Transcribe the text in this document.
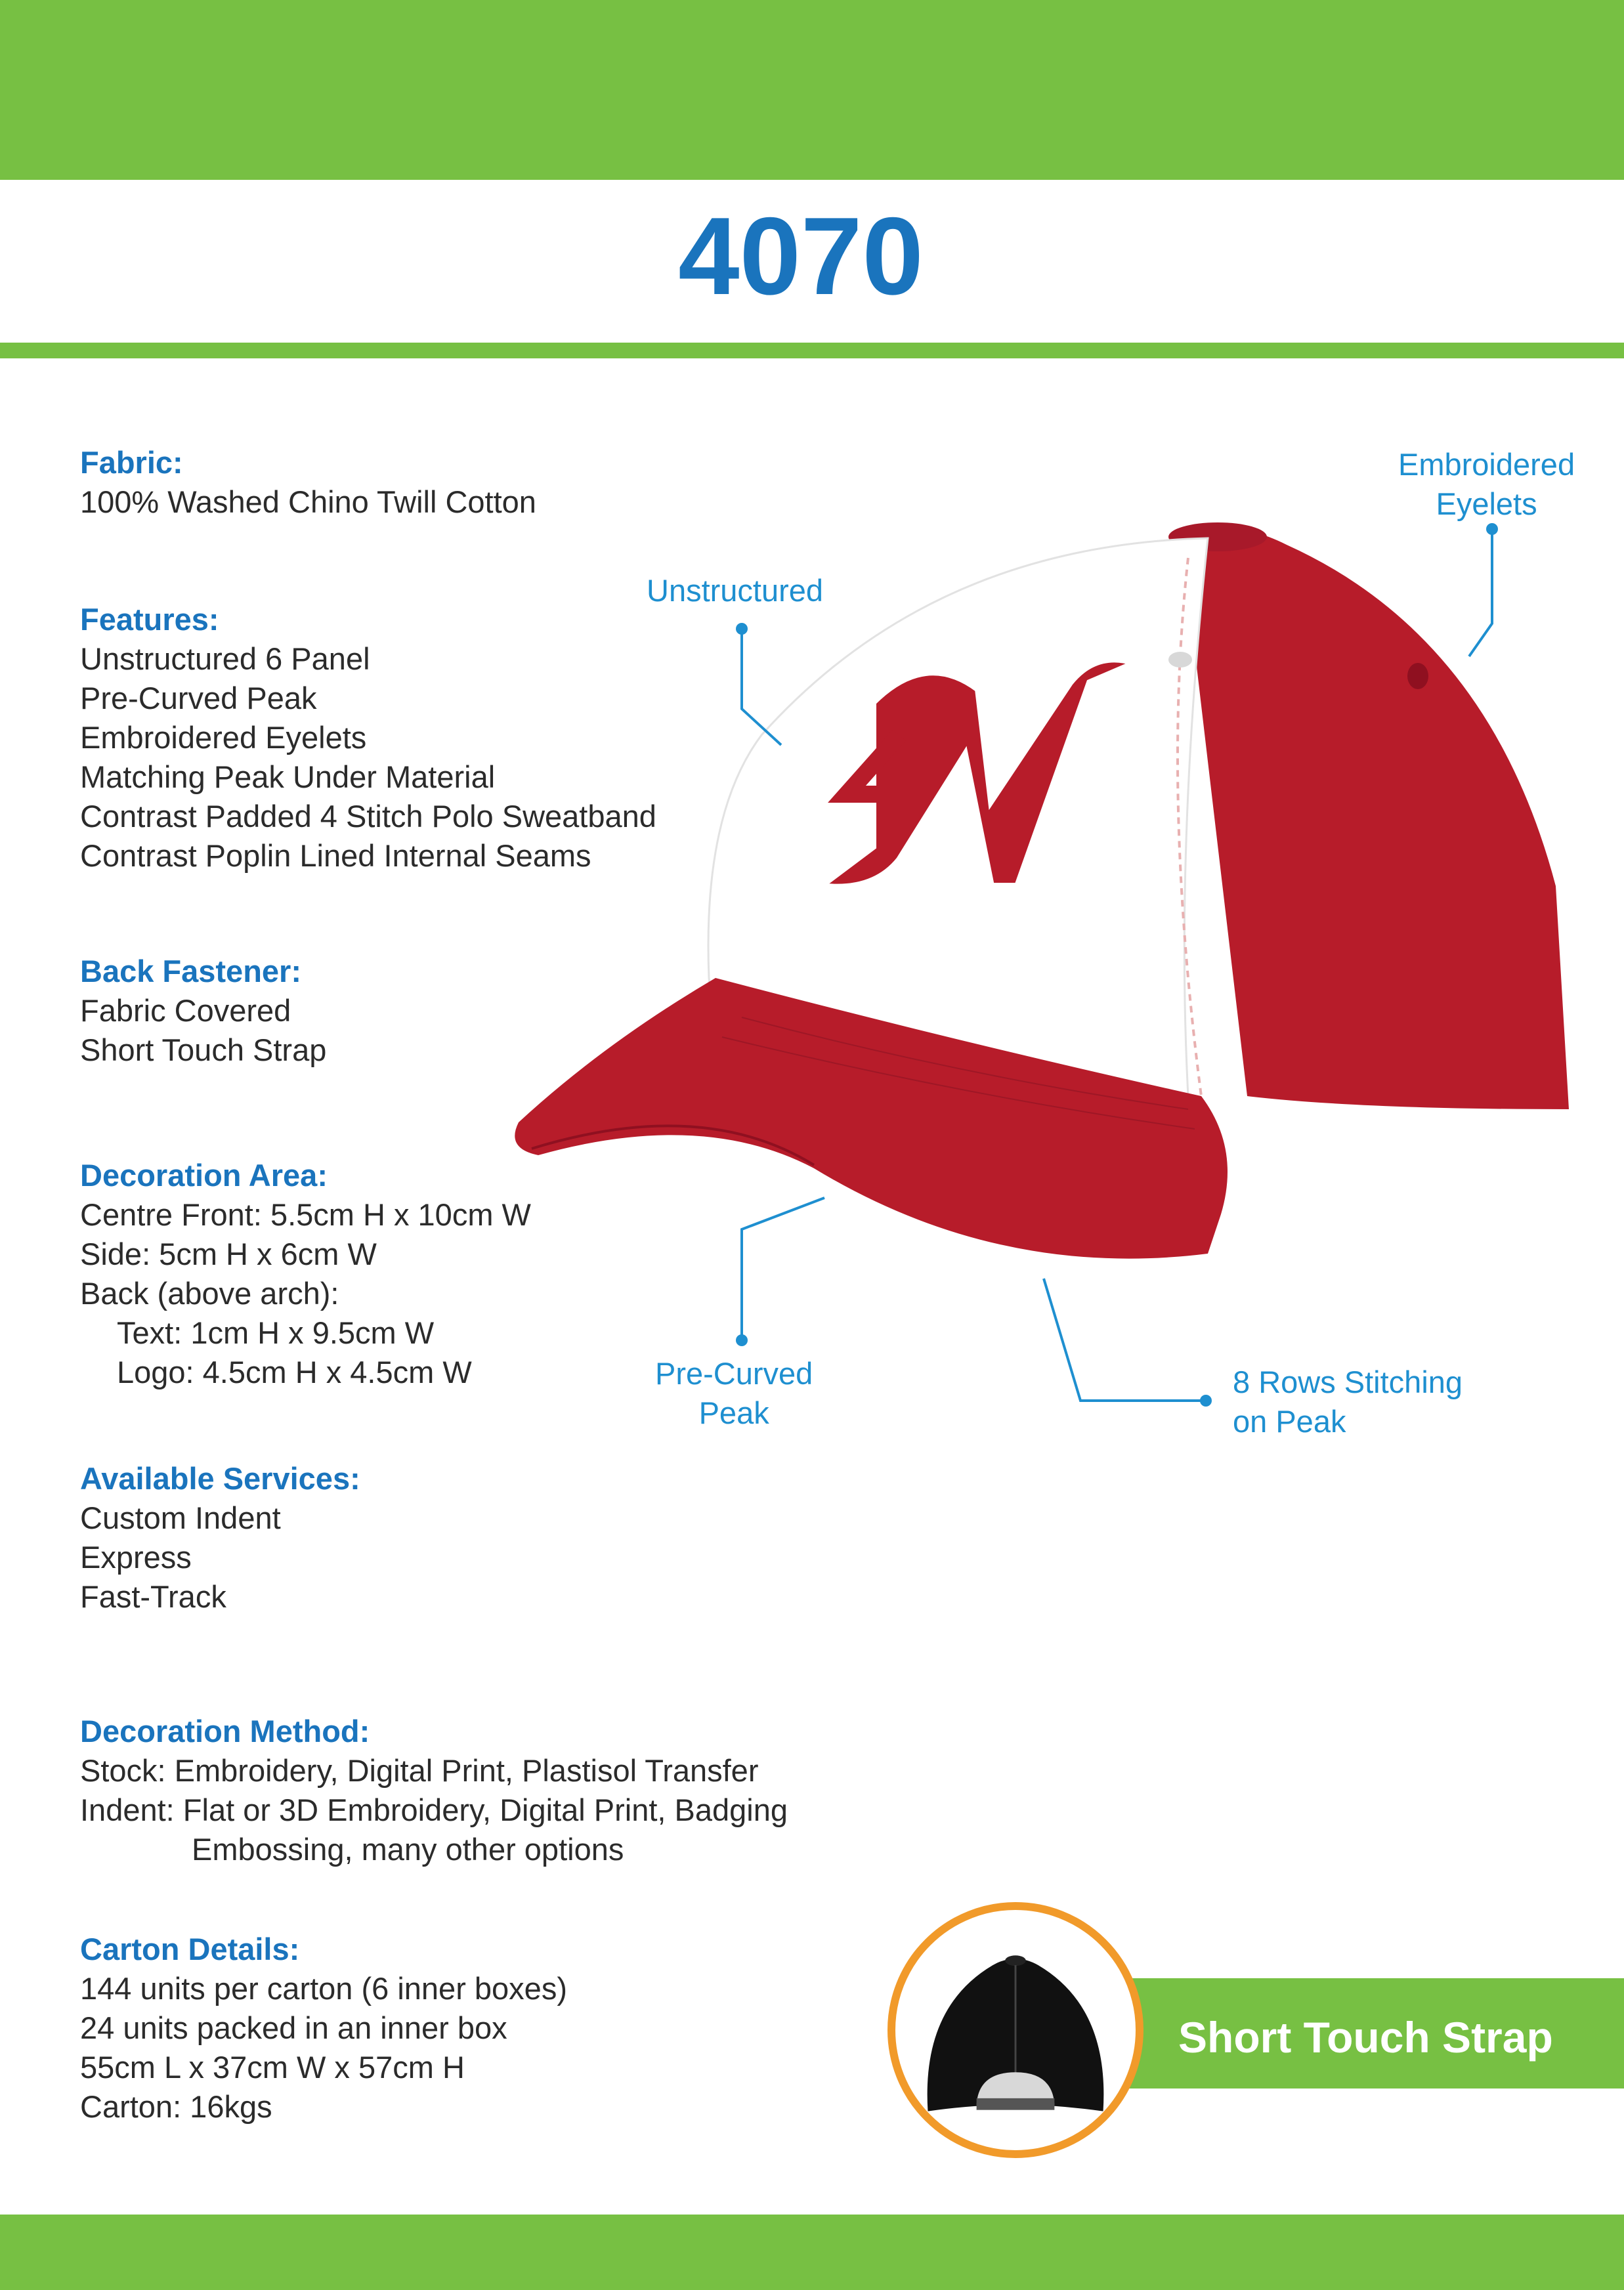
4070
Fabric:
100% Washed Chino Twill Cotton
Features:
Unstructured 6 Panel
Pre-Curved Peak
Embroidered Eyelets
Matching Peak Under Material
Contrast Padded 4 Stitch Polo Sweatband
Contrast Poplin Lined Internal Seams
Back Fastener:
Fabric Covered
Short Touch Strap
Decoration Area:
Centre Front: 5.5cm H x 10cm W
Side: 5cm H x 6cm W
Back (above arch):
Text: 1cm H x 9.5cm W
Logo: 4.5cm H x 4.5cm W
Available Services:
Custom Indent
Express
Fast-Track
Decoration Method:
Stock: Embroidery, Digital Print, Plastisol Transfer
Indent: Flat or 3D Embroidery, Digital Print, Badging
Embossing, many other options
Carton Details:
144 units per carton (6 inner boxes)
24 units packed in an inner box
55cm L x 37cm W x 57cm H
Carton: 16kgs
Embroidered
Eyelets
Unstructured
Pre-Curved
Peak
8 Rows Stitching
on Peak
Short Touch Strap
